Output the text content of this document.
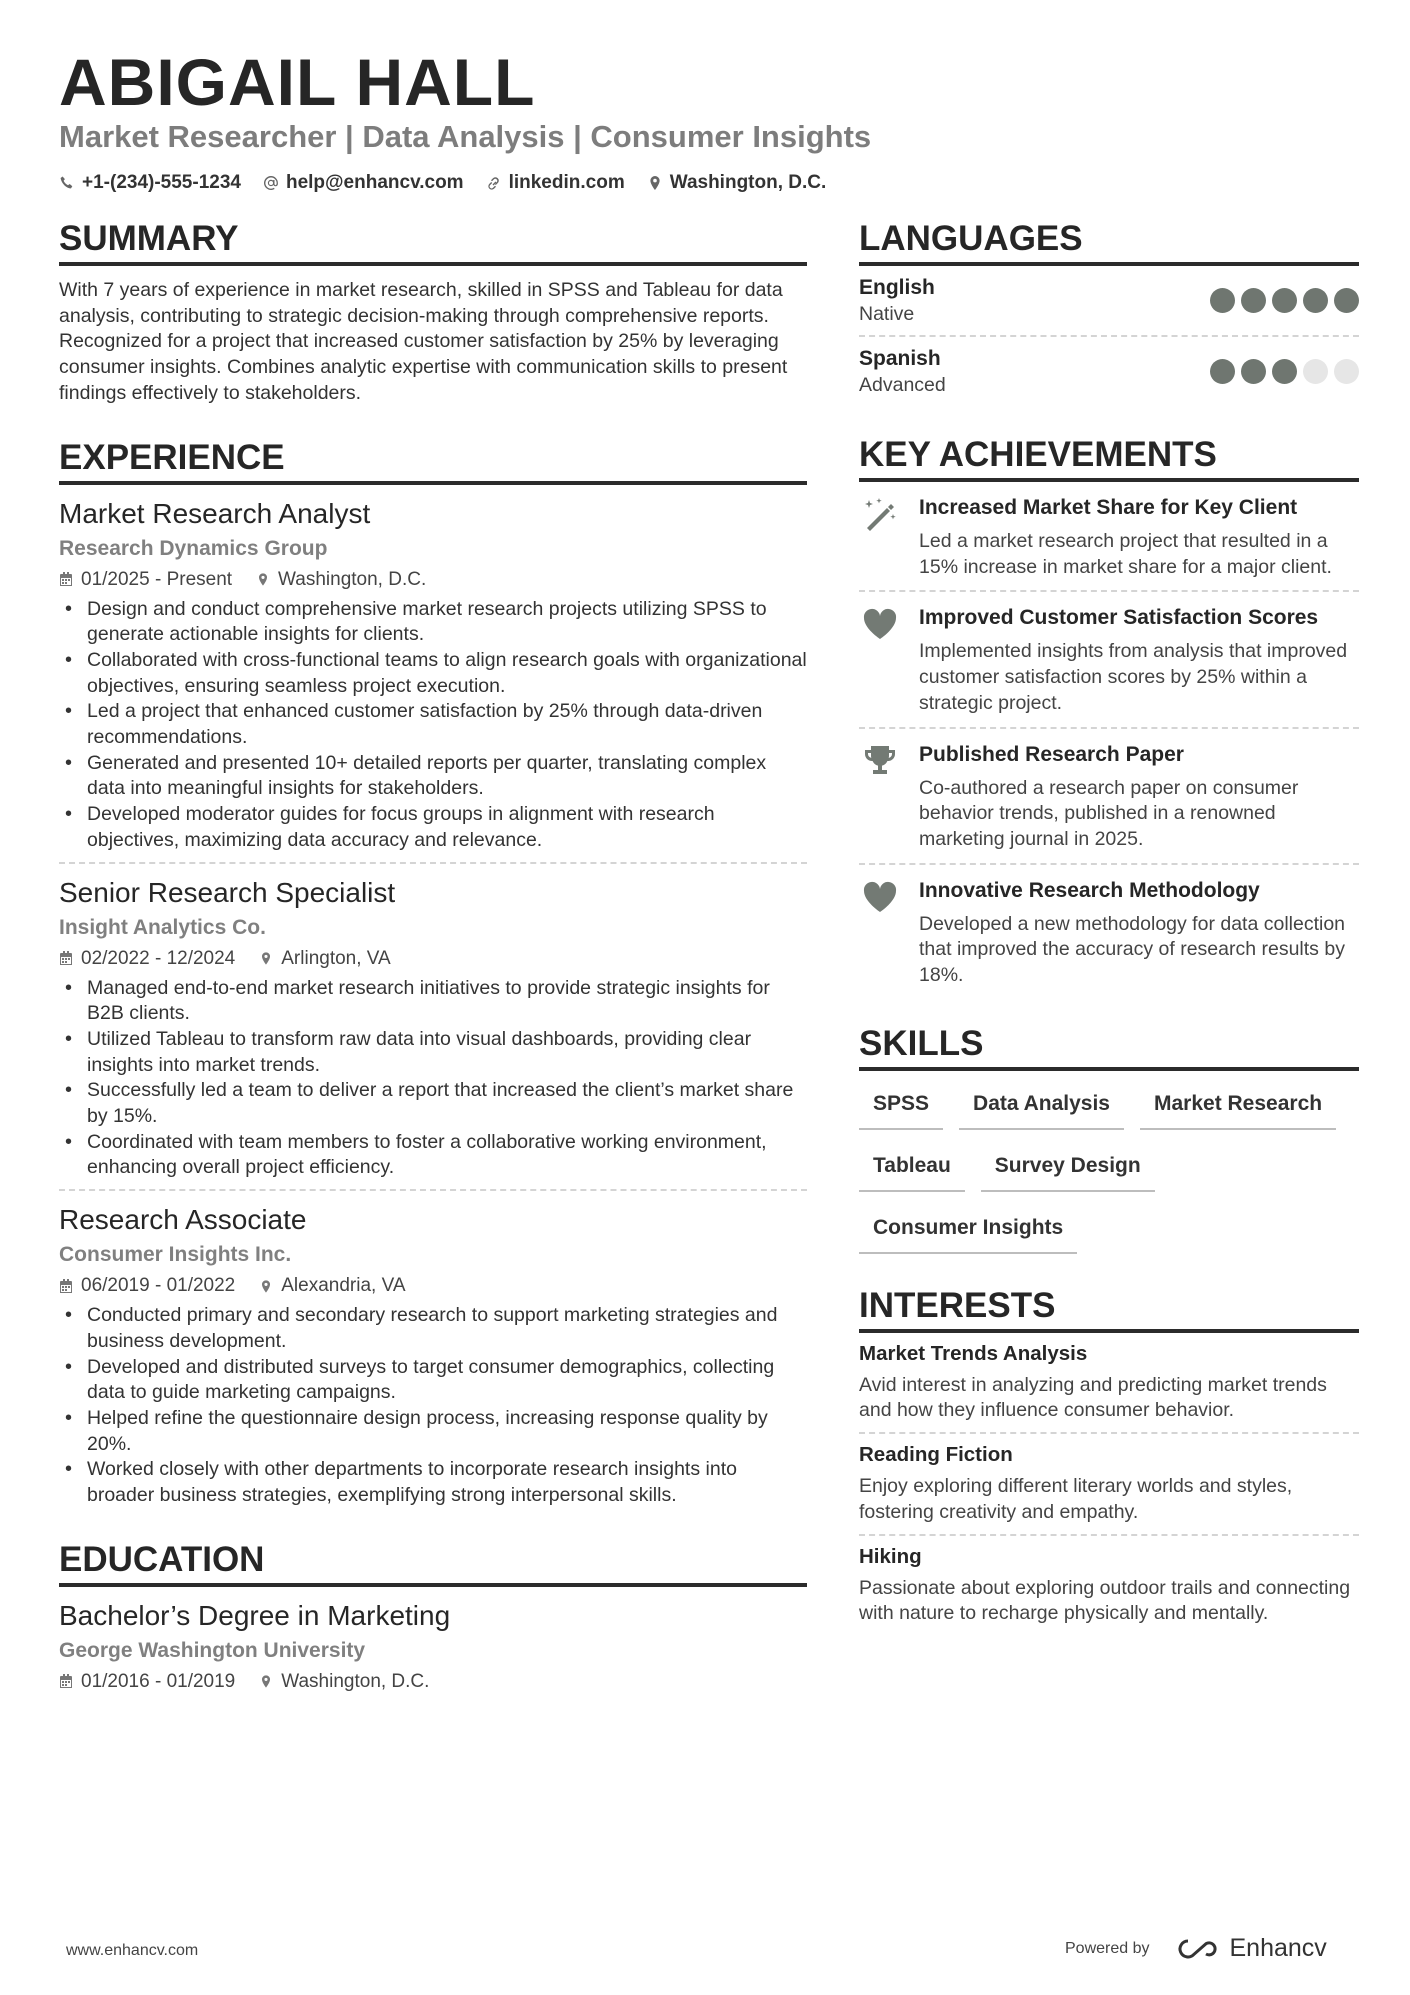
ABIGAIL HALL
Market Researcher | Data Analysis | Consumer Insights
+1-(234)-555-1234 help@enhancv.com linkedin.com Washington, D.C.
SUMMARY

With 7 years of experience in market research, skilled in SPSS and Tableau for data analysis, contributing to strategic decision-making through comprehensive reports. Recognized for a project that increased customer satisfaction by 25% by leveraging consumer insights. Combines analytic expertise with communication skills to present findings effectively to stakeholders.

EXPERIENCE
Market Research Analyst
Research Dynamics Group
01/2025 - Present Washington, D.C.
• Design and conduct comprehensive market research projects utilizing SPSS to generate actionable insights for clients.
• Collaborated with cross-functional teams to align research goals with organizational objectives, ensuring seamless project execution.
• Led a project that enhanced customer satisfaction by 25% through data-driven recommendations.
• Generated and presented 10+ detailed reports per quarter, translating complex data into meaningful insights for stakeholders.
• Developed moderator guides for focus groups in alignment with research objectives, maximizing data accuracy and relevance.
Senior Research Specialist
Insight Analytics Co.
02/2022 - 12/2024 Arlington, VA
• Managed end-to-end market research initiatives to provide strategic insights for B2B clients.
• Utilized Tableau to transform raw data into visual dashboards, providing clear insights into market trends.
• Successfully led a team to deliver a report that increased the client’s market share by 15%.
• Coordinated with team members to foster a collaborative working environment, enhancing overall project efficiency.
Research Associate
Consumer Insights Inc.
06/2019 - 01/2022 Alexandria, VA
• Conducted primary and secondary research to support marketing strategies and business development.
• Developed and distributed surveys to target consumer demographics, collecting data to guide marketing campaigns.
• Helped refine the questionnaire design process, increasing response quality by 20%.
• Worked closely with other departments to incorporate research insights into broader business strategies, exemplifying strong interpersonal skills.
EDUCATION
Bachelor’s Degree in Marketing
George Washington University
01/2016 - 01/2019 Washington, D.C.
LANGUAGES
English
Native
Spanish
Advanced
KEY ACHIEVEMENTS
Increased Market Share for Key Client
Led a market research project that resulted in a 15% increase in market share for a major client.
Improved Customer Satisfaction Scores
Implemented insights from analysis that improved customer satisfaction scores by 25% within a strategic project.
Published Research Paper
Co-authored a research paper on consumer behavior trends, published in a renowned marketing journal in 2025.
Innovative Research Methodology
Developed a new methodology for data collection that improved the accuracy of research results by 18%.
SKILLS
SPSS	Data Analysis	Market Research
Tableau	Survey Design
Consumer Insights
INTERESTS
Market Trends Analysis
Avid interest in analyzing and predicting market trends and how they influence consumer behavior.
Reading Fiction
Enjoy exploring different literary worlds and styles, fostering creativity and empathy.
Hiking
Passionate about exploring outdoor trails and connecting with nature to recharge physically and mentally.
www.enhancv.com	Powered by	Enhancv
